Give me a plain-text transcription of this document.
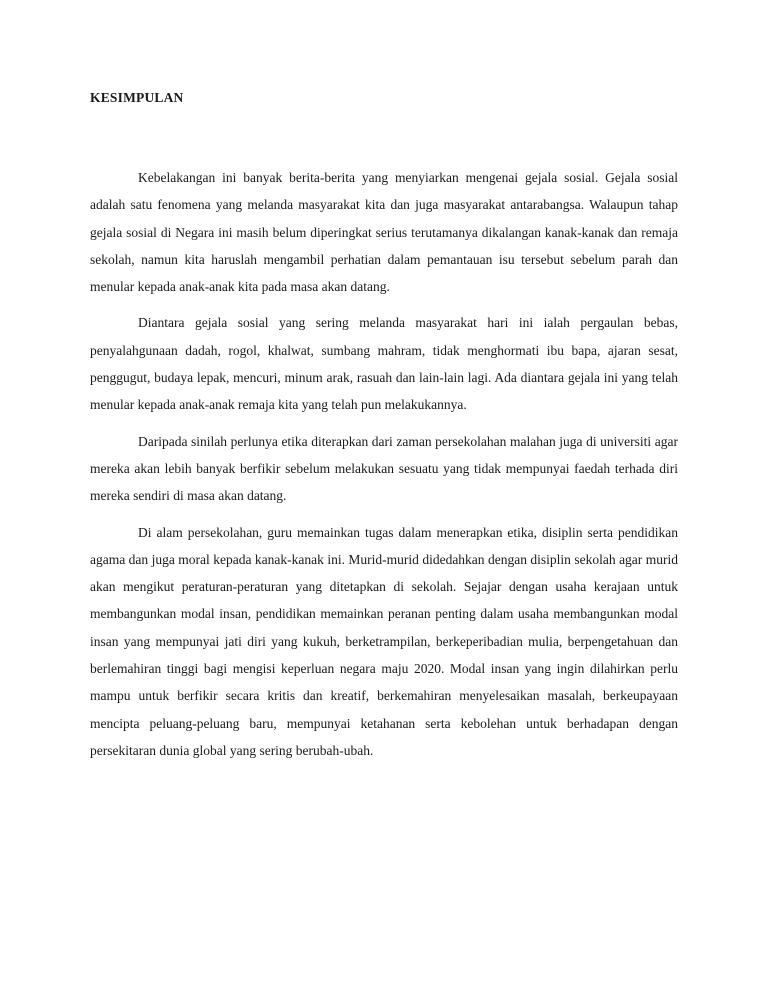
KESIMPULAN

Kebelakangan ini banyak berita-berita yang menyiarkan mengenai gejala sosial. Gejala sosial adalah satu fenomena yang melanda masyarakat kita dan juga masyarakat antarabangsa. Walaupun tahap gejala sosial di Negara ini masih belum diperingkat serius terutamanya dikalangan kanak-kanak dan remaja sekolah, namun kita haruslah mengambil perhatian dalam pemantauan isu tersebut sebelum parah dan menular kepada anak-anak kita pada masa akan datang.

Diantara gejala sosial yang sering melanda masyarakat hari ini ialah pergaulan bebas, penyalahgunaan dadah, rogol, khalwat, sumbang mahram, tidak menghormati ibu bapa, ajaran sesat, penggugut, budaya lepak, mencuri, minum arak, rasuah dan lain-lain lagi. Ada diantara gejala ini yang telah menular kepada anak-anak remaja kita yang telah pun melakukannya.

Daripada sinilah perlunya etika diterapkan dari zaman persekolahan malahan juga di universiti agar mereka akan lebih banyak berfikir sebelum melakukan sesuatu yang tidak mempunyai faedah terhada diri mereka sendiri di masa akan datang.

Di alam persekolahan, guru memainkan tugas dalam menerapkan etika, disiplin serta pendidikan agama dan juga moral kepada kanak-kanak ini. Murid-murid didedahkan dengan disiplin sekolah agar murid akan mengikut peraturan-peraturan yang ditetapkan di sekolah. Sejajar dengan usaha kerajaan untuk membangunkan modal insan, pendidikan memainkan peranan penting dalam usaha membangunkan modal insan yang mempunyai jati diri yang kukuh, berketrampilan, berkeperibadian mulia, berpengetahuan dan berlemahiran tinggi bagi mengisi keperluan negara maju 2020. Modal insan yang ingin dilahirkan perlu mampu untuk berfikir secara kritis dan kreatif, berkemahiran menyelesaikan masalah, berkeupayaan mencipta peluang-peluang baru, mempunyai ketahanan serta kebolehan untuk berhadapan dengan persekitaran dunia global yang sering berubah-ubah.
